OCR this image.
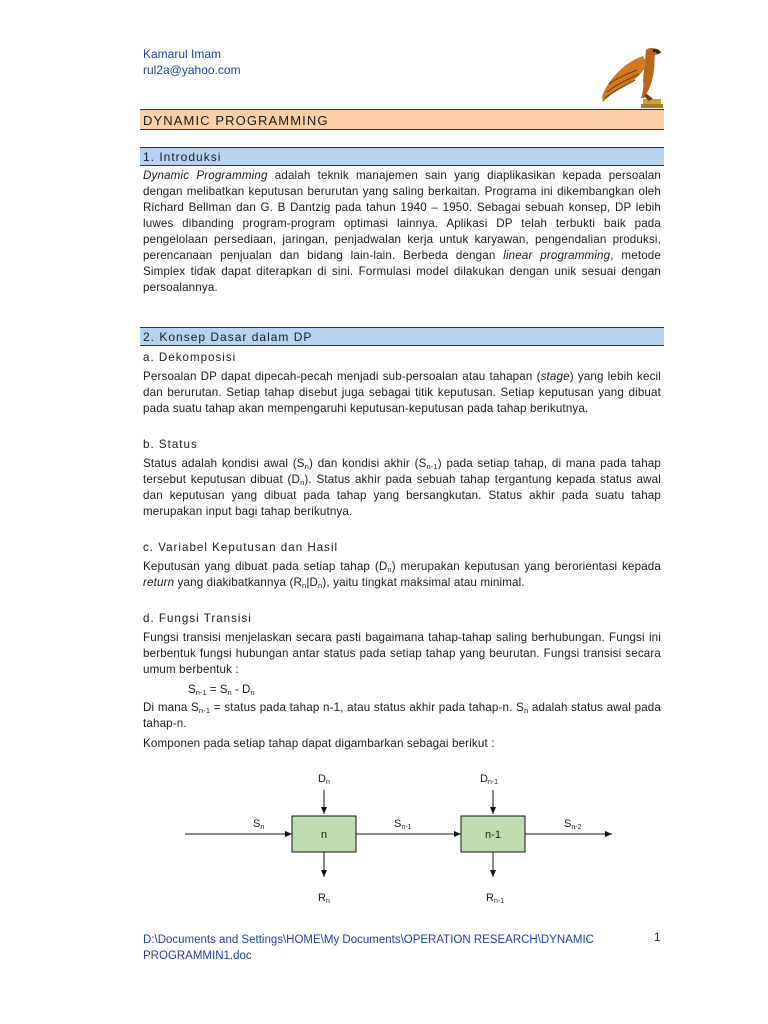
Kamarul Imam
rul2a@yahoo.com
DYNAMIC PROGRAMMING
1. Introduksi
Dynamic Programming adalah teknik manajemen sain yang diaplikasikan kepada persoalan dengan melibatkan keputusan berurutan yang saling berkaitan. Programa ini dikembangkan oleh Richard Bellman dan G. B Dantzig pada tahun 1940 – 1950. Sebagai sebuah konsep, DP lebih luwes dibanding program-program optimasi lainnya. Aplikasi DP telah terbukti baik pada pengelolaan persediaan, jaringan, penjadwalan kerja untuk karyawan, pengendalian produksi, perencanaan penjualan dan bidang lain-lain. Berbeda dengan linear programming, metode Simplex tidak dapat diterapkan di sini. Formulasi model dilakukan dengan unik sesuai dengan persoalannya.
2. Konsep Dasar dalam DP
a. Dekomposisi
Persoalan DP dapat dipecah-pecah menjadi sub-persoalan atau tahapan (stage) yang lebih kecil dan berurutan. Setiap tahap disebut juga sebagai titik keputusan. Setiap keputusan yang dibuat pada suatu tahap akan mempengaruhi keputusan-keputusan pada tahap berikutnya.
b. Status
Status adalah kondisi awal $(S_n)$ dan kondisi akhir $(S_{n-1})$ pada setiap tahap, di mana pada tahap tersebut keputusan dibuat $(D_n)$. Status akhir pada sebuah tahap tergantung kepada status awal dan keputusan yang dibuat pada tahap yang bersangkutan. Status akhir pada suatu tahap merupakan input bagi tahap berikutnya.
c. Variabel Keputusan dan Hasil
Keputusan yang dibuat pada setiap tahap $(D_n)$ merupakan keputusan yang berorientasi kepada return yang diakibatkannya $(R_n|D_n)$, yaitu tingkat maksimal atau minimal.
d. Fungsi Transisi
Fungsi transisi menjelaskan secara pasti bagaimana tahap-tahap saling berhubungan. Fungsi ini berbentuk fungsi hubungan antar status pada setiap tahap yang beurutan. Fungsi transisi secara umum berbentuk :
$S_{n-1} = S_n - D_n$
Di mana $S_{n-1}$ = status pada tahap n-1, atau status akhir pada tahap-n. $S_n$ adalah status awal pada tahap-n.
Komponen pada setiap tahap dapat digambarkan sebagai berikut :
n	n-1
Dn	Dn-1
Sn	Sn-1	Sn-2
Rn	Rn-1
D:\Documents and Settings\HOME\My Documents\OPERATION RESEARCH\DYNAMIC PROGRAMMIN1.doc
1
